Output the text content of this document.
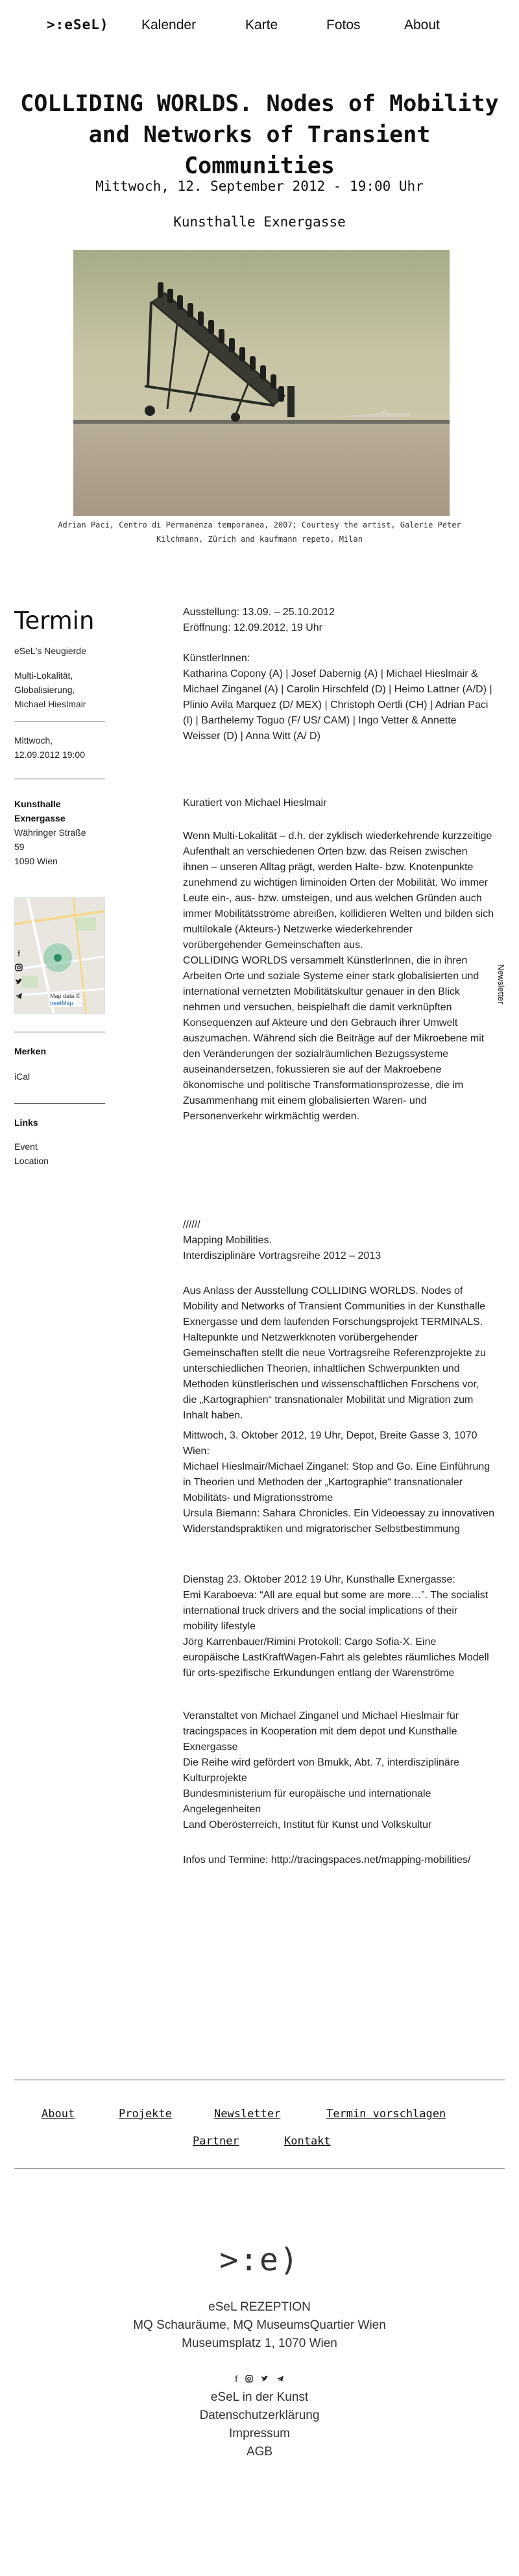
>:eSeL) Kalender	Karte	Fotos	About
COLLIDING WORLDS. Nodes of Mobility
and Networks of Transient Communities
Mittwoch, 12. September 2012 - 19:00 Uhr
Kunsthalle Exnergasse
Adrian Paci, Centro di Permanenza temporanea, 2007; Courtesy the artist, Galerie Peter
Kilchmann, Zürich and kaufmann repeto, Milan
Termin
eSeL's Neugierde
Multi-Lokalität,
Globalisierung,
Michael Hieslmair
Mittwoch,
12.09.2012 19:00
Kunsthalle
Exnergasse
Währinger Straße
59
1090 Wien
Map data ©
treetMap
f
Merken
iCal
Links
Event
Location
Newsletter
Ausstellung: 13.09. – 25.10.2012
Eröffnung: 12.09.2012, 19 Uhr
KünstlerInnen:
Katharina Copony (A) | Josef Dabernig (A) | Michael Hieslmair & Michael Zinganel (A) | Carolin Hirschfeld (D) | Heimo Lattner (A/D) | Plinio Avila Marquez (D/ MEX) | Christoph Oertli (CH) | Adrian Paci (I) | Barthelemy Toguo (F/ US/ CAM) | Ingo Vetter & Annette Weisser (D) | Anna Witt (A/ D)
Kuratiert von Michael Hieslmair
Wenn Multi-Lokalität – d.h. der zyklisch wiederkehrende kurzzeitige Aufenthalt an verschiedenen Orten bzw. das Reisen zwischen ihnen – unseren Alltag prägt, werden Halte- bzw. Knotenpunkte zunehmend zu wichtigen liminoiden Orten der Mobilität. Wo immer Leute ein-, aus- bzw. umsteigen, und aus welchen Gründen auch immer Mobilitätsströme abreißen, kollidieren Welten und bilden sich multilokale (Akteurs-) Netzwerke wiederkehrender vorübergehender Gemeinschaften aus.
COLLIDING WORLDS versammelt KünstlerInnen, die in ihren Arbeiten Orte und soziale Systeme einer stark globalisierten und international vernetzten Mobilitätskultur genauer in den Blick nehmen und versuchen, beispielhaft die damit verknüpften Konsequenzen auf Akteure und den Gebrauch ihrer Umwelt auszumachen. Während sich die Beiträge auf der Mikroebene mit den Veränderungen der sozialräumlichen Bezugssysteme auseinandersetzen, fokussieren sie auf der Makroebene ökonomische und politische Transformationsprozesse, die im Zusammenhang mit einem globalisierten Waren- und Personenverkehr wirkmächtig werden.
//////
Mapping Mobilities.
Interdisziplinäre Vortragsreihe 2012 – 2013
Aus Anlass der Ausstellung COLLIDING WORLDS. Nodes of Mobility and Networks of Transient Communities in der Kunsthalle Exnergasse und dem laufenden Forschungsprojekt TERMINALS. Haltepunkte und Netzwerkknoten vorübergehender Gemeinschaften stellt die neue Vortragsreihe Referenzprojekte zu unterschiedlichen Theorien, inhaltlichen Schwerpunkten und Methoden künstlerischen und wissenschaftlichen Forschens vor, die „Kartographien“ transnationaler Mobilität und Migration zum Inhalt haben.
Mittwoch, 3. Oktober 2012, 19 Uhr, Depot, Breite Gasse 3, 1070 Wien:
Michael Hieslmair/Michael Zinganel: Stop and Go. Eine Einführung in Theorien und Methoden der „Kartographie“ transnationaler Mobilitäts- und Migrationsströme
Ursula Biemann: Sahara Chronicles. Ein Videoessay zu innovativen Widerstandspraktiken und migratorischer Selbstbestimmung
Dienstag 23. Oktober 2012 19 Uhr, Kunsthalle Exnergasse:
Emi Karaboeva: “All are equal but some are more…”. The socialist international truck drivers and the social implications of their mobility lifestyle
Jörg Karrenbauer/Rimini Protokoll: Cargo Sofia-X. Eine europäische LastKraftWagen-Fahrt als gelebtes räumliches Modell für orts-spezifische Erkundungen entlang der Warenströme
Veranstaltet von Michael Zinganel und Michael Hieslmair für tracingspaces in Kooperation mit dem depot und Kunsthalle Exnergasse
Die Reihe wird gefördert von Bmukk, Abt. 7, interdisziplinäre Kulturprojekte
Bundesministerium für europäische und internationale Angelegenheiten
Land Oberösterreich, Institut für Kunst und Volkskultur
Infos und Termine: http://tracingspaces.net/mapping-mobilities/
About	Projekte	Newsletter	Termin vorschlagen
Partner	Kontakt
>:e)
eSeL REZEPTION
MQ Schauräume, MQ MuseumsQuartier Wien
Museumsplatz 1, 1070 Wien
f
eSeL in der Kunst
Datenschutzerklärung
Impressum
AGB
